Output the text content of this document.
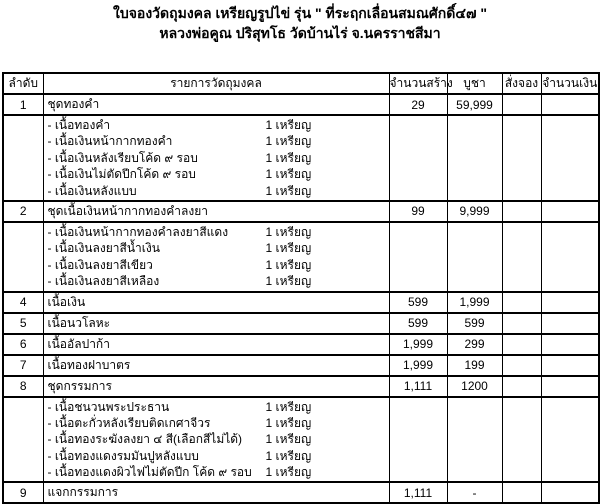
ใบจองวัดถุมงคล เหรียญรูปไข่ รุ่น " ที่ระฤกเลื่อนสมณศักดิ์๔๗ "
หลวงพ่อคูณ ปริสุทโธ วัดบ้านไร่ จ.นครราชสีมา
ลำดับ	รายการวัดถุมงคล	จำนวนสร้าง	บูชา	สั่งจอง	จำนวนเงิน
1	ชุดทองคำ	29	59,999		

- เนื้อทองคำ	1 เหรียญ
- เนื้อเงินหน้ากากทองคำ	1 เหรียญ
- เนื้อเงินหลังเรียบโค้ด ๙ รอบ	1 เหรียญ
- เนื้อเงินไม่ตัดปีกโค้ด ๙ รอบ	1 เหรียญ
- เนื้อเงินหลังแบบ	1 เหรียญ

2	ชุดเนื้อเงินหน้ากากทองคำลงยา	99	9,999		

- เนื้อเงินหน้ากากทองคำลงยาสีแดง	1 เหรียญ
- เนื้อเงินลงยาสีน้ำเงิน	1 เหรียญ
- เนื้อเงินลงยาสีเขียว	1 เหรียญ
- เนื้อเงินลงยาสีเหลือง	1 เหรียญ

4	เนื้อเงิน	599	1,999		
5	เนื้อนวโลหะ	599	599		
6	เนื้ออัลปาก้า	1,999	299		
7	เนื้อทองฝาบาตร	1,999	199		
8	ชุดกรรมการ	1,111	1200		

- เนื้อชนวนพระประธาน	1 เหรียญ
- เนื้อตะกั่วหลังเรียบติดเกศาจีวร	1 เหรียญ
- เนื้อทองระฆังลงยา ๔ สี(เลือกสีไม่ได้) 1 เหรียญ
- เนื้อทองแดงรมมันปูหลังแบบ	1 เหรียญ
- เนื้อทองแดงผิวไฟไม่ตัดปีก โค้ด ๙ รอบ 1 เหรียญ

9	แจกกรรมการ	1,111	-		
